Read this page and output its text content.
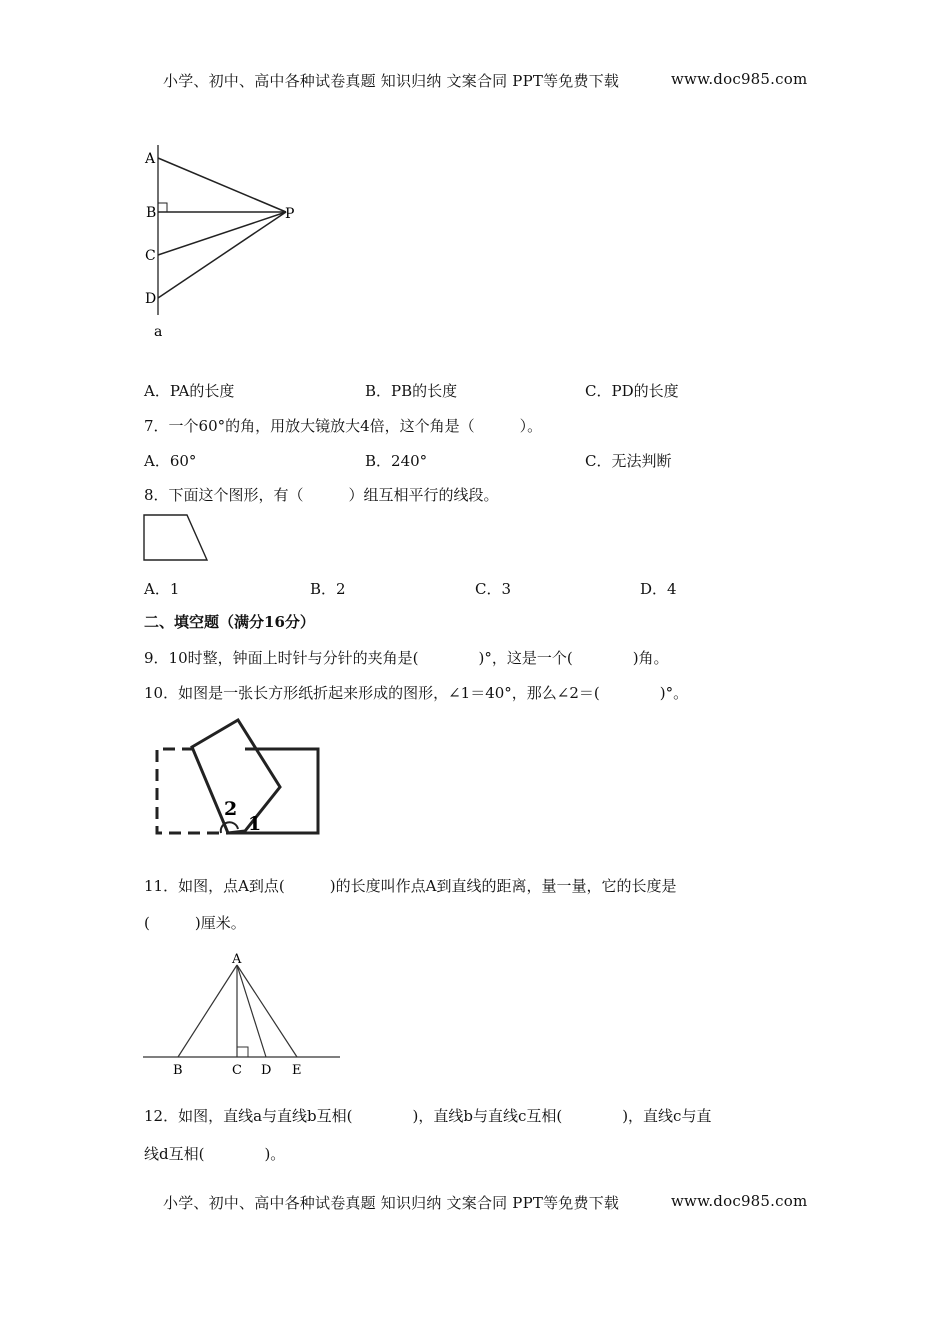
小学、初中、高中各种试卷真题 知识归纳 文案合同 PPT等免费下载	www.doc985.com
A
B
C
D
P
a
A．PA的长度	B．PB的长度	C．PD的长度
7．一个60°的角，用放大镜放大4倍，这个角是（　　　）。
A．60°	B．240°	C．无法判断
8．下面这个图形，有（　　　）组互相平行的线段。
A．1	B．2	C．3	D．4
二、填空题（满分16分）
9．10时整，钟面上时针与分针的夹角是(　　　　)°，这是一个(　　　　)角。
10．如图是一张长方形纸折起来形成的图形，∠1＝40°，那么∠2＝(　　　　)°。
2
1
11．如图，点A到点(　　　)的长度叫作点A到直线的距离，量一量，它的长度是
(　　　)厘米。
A
B	C D E
12．如图，直线a与直线b互相(　　　　)，直线b与直线c互相(　　　　)，直线c与直
线d互相(　　　　)。
小学、初中、高中各种试卷真题 知识归纳 文案合同 PPT等免费下载	www.doc985.com
